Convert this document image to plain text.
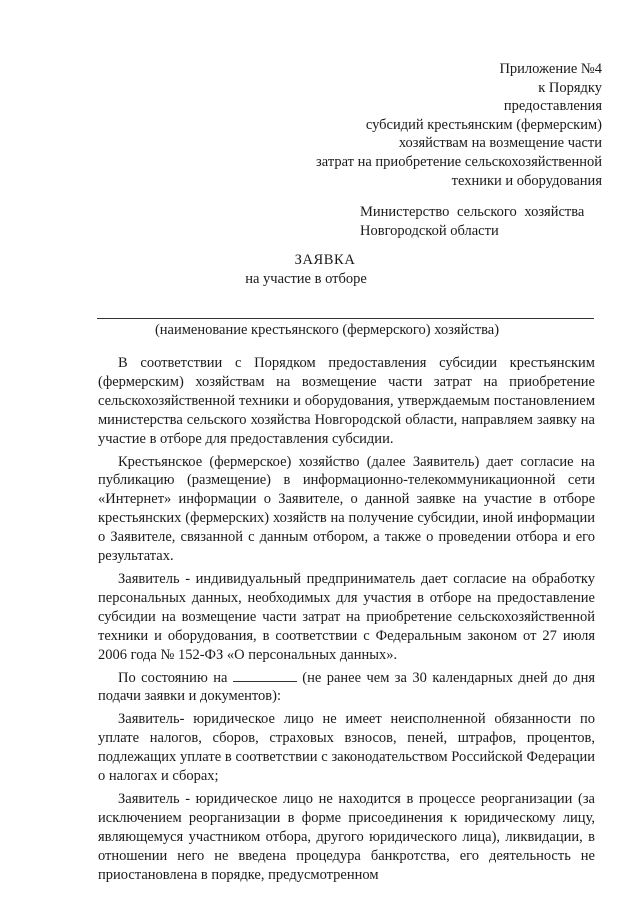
Приложение №4
к Порядку
предоставления
субсидий крестьянским (фермерским)
хозяйствам на возмещение части
затрат на приобретение сельскохозяйственной
техники и оборудования
Министерство сельского хозяйства
Новгородской области
ЗАЯВКА
на участие в отборе
(наименование крестьянского (фермерского) хозяйства)

В соответствии с Порядком предоставления субсидии крестьянским (фермерским) хозяйствам на возмещение части затрат на приобретение сельскохозяйственной техники и оборудования, утверждаемым постановлением министерства сельского хозяйства Новгородской области, направляем заявку на участие в отборе для предоставления субсидии.

Крестьянское (фермерское) хозяйство (далее Заявитель) дает согласие на публикацию (размещение) в информационно-телекоммуникационной сети «Интернет» информации о Заявителе, о данной заявке на участие в отборе крестьянских (фермерских) хозяйств на получение субсидии, иной информации о Заявителе, связанной с данным отбором, а также о проведении отбора и его результатах.

Заявитель - индивидуальный предприниматель дает согласие на обработку персональных данных, необходимых для участия в отборе на предоставление субсидии на возмещение части затрат на приобретение сельскохозяйственной техники и оборудования, в соответствии с Федеральным законом от 27 июля 2006 года № 152-ФЗ «О персональных данных».

По состоянию на	(не ранее чем за 30 календарных дней до дня подачи заявки и документов):

Заявитель- юридическое лицо не имеет неисполненной обязанности по уплате налогов, сборов, страховых взносов, пеней, штрафов, процентов, подлежащих уплате в соответствии с законодательством Российской Федерации о налогах и сборах;

Заявитель - юридическое лицо не находится в процессе реорганизации (за исключением реорганизации в форме присоединения к юридическому лицу, являющемуся участником отбора, другого юридического лица), ликвидации, в отношении него не введена процедура банкротства, его деятельность не приостановлена в порядке, предусмотренном
